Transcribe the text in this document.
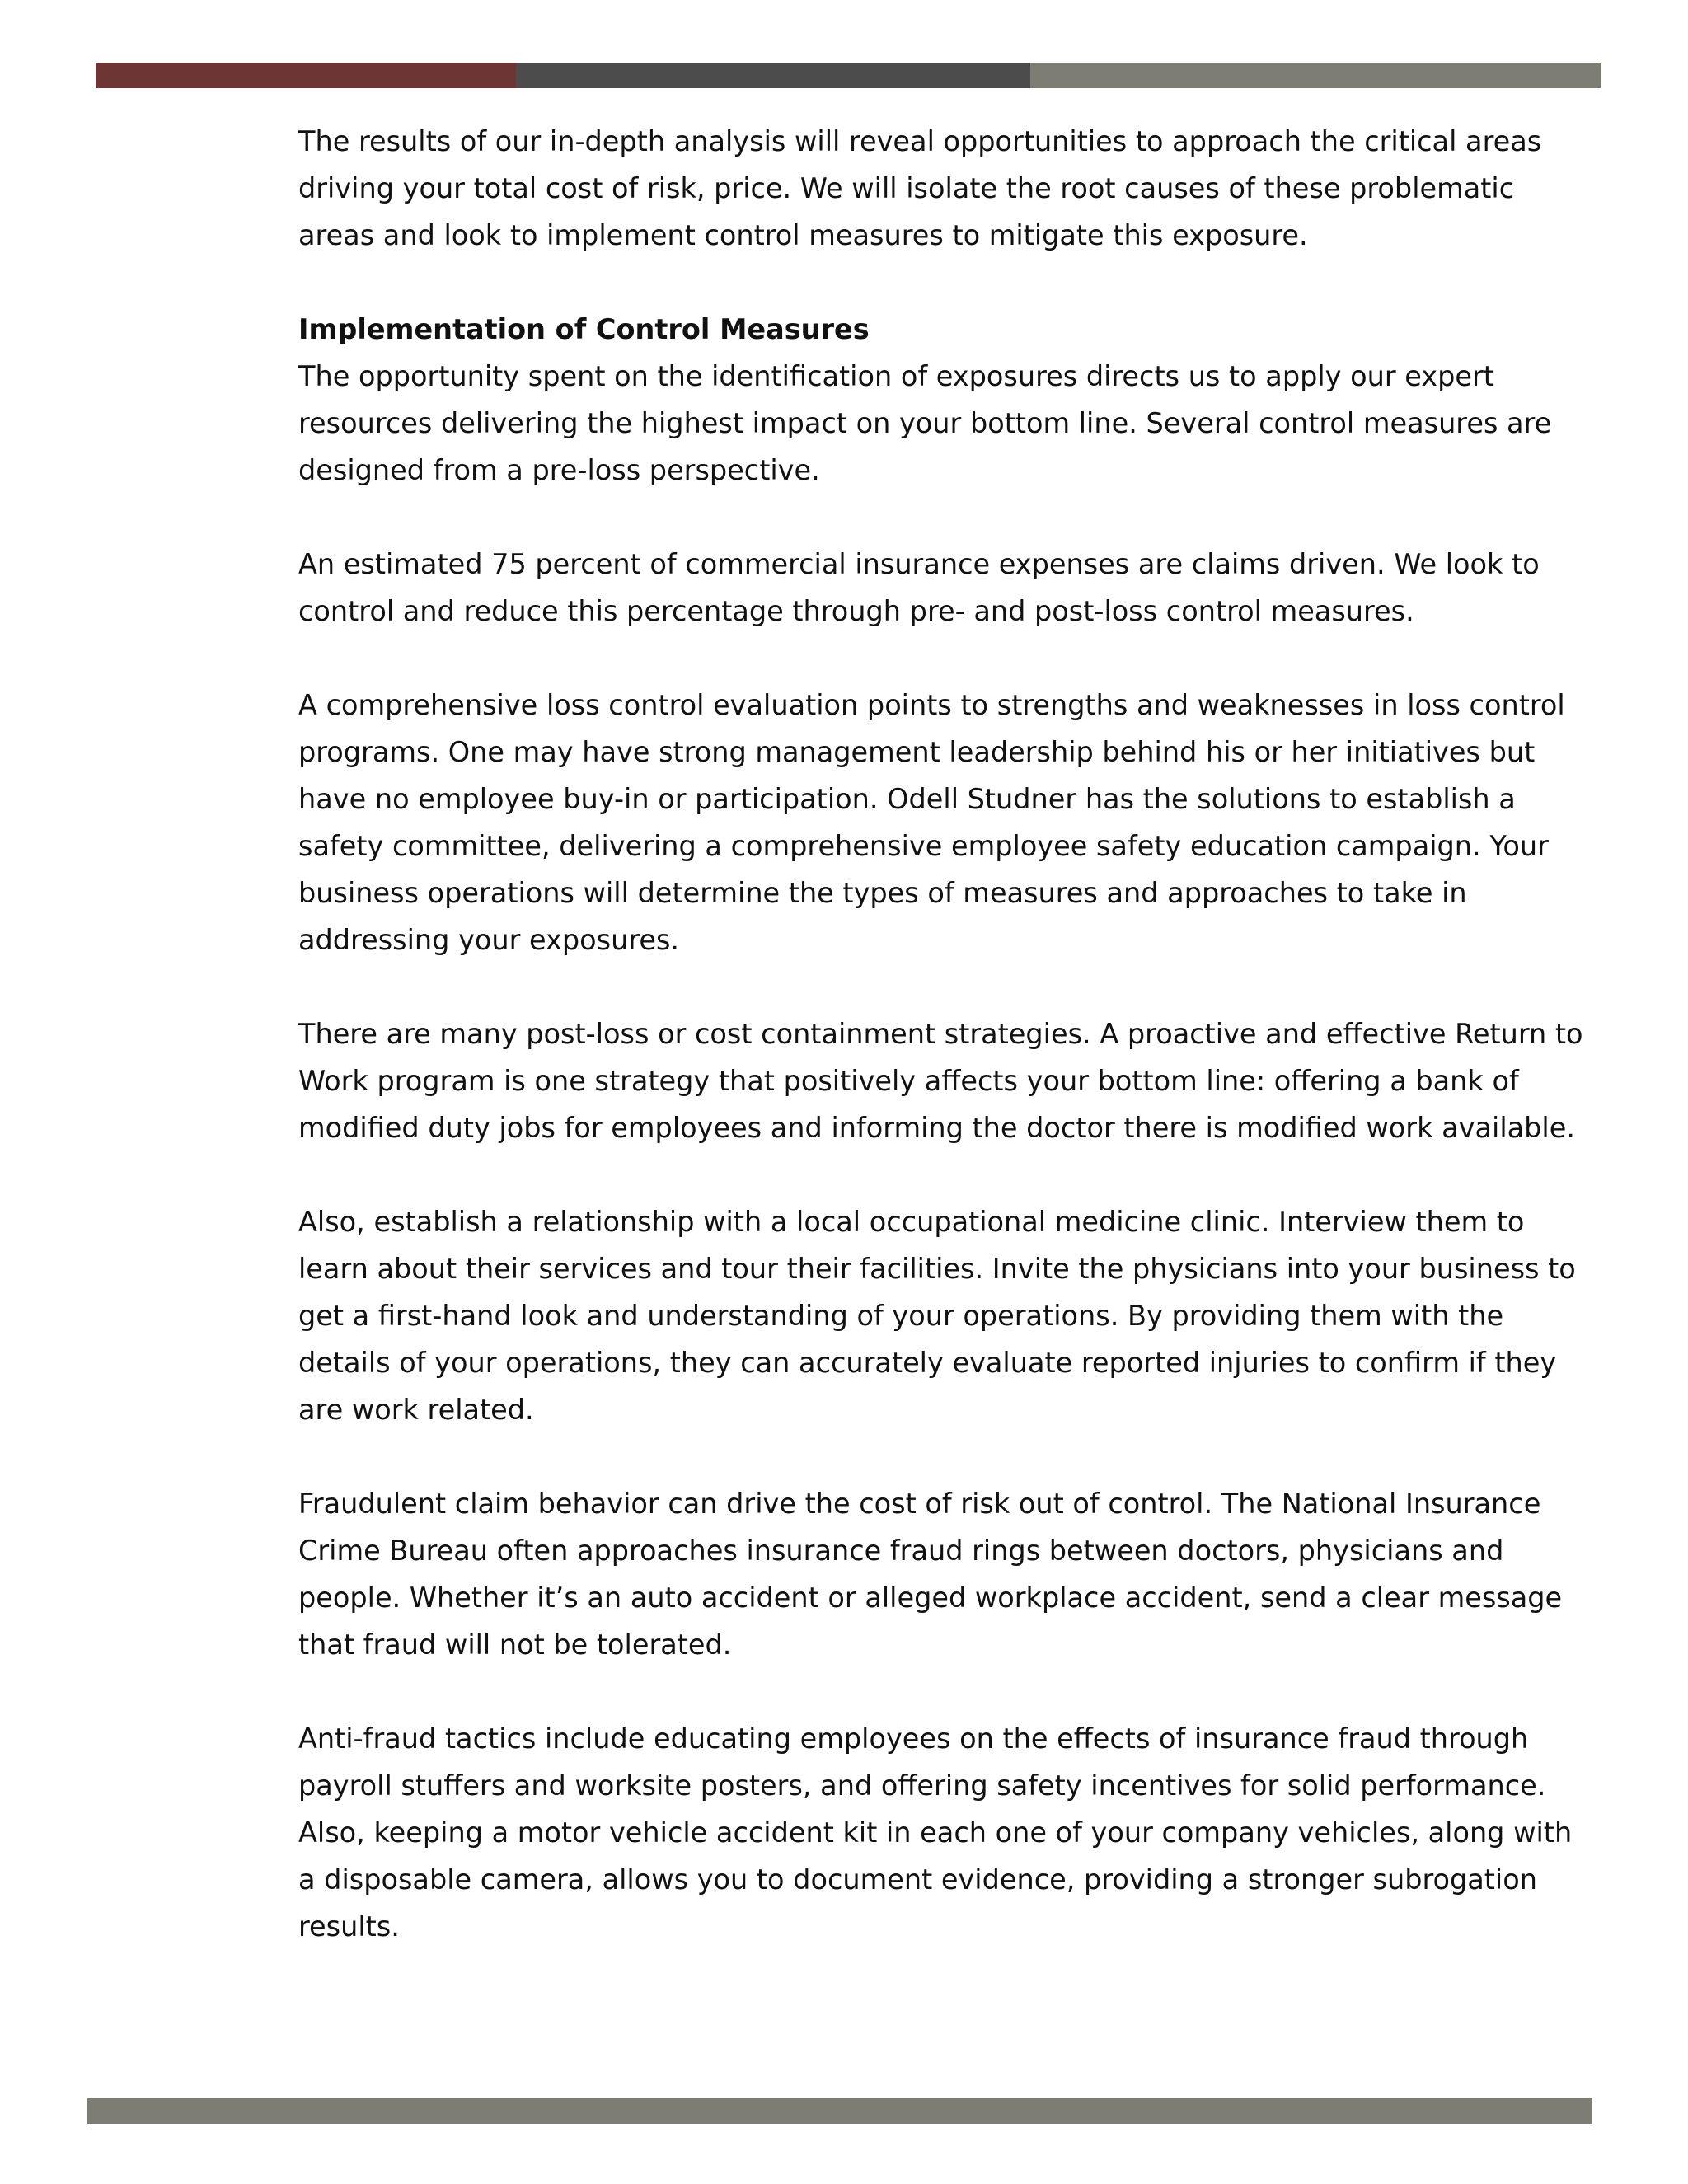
The results of our in-depth analysis will reveal opportunities to approach the critical areas driving your total cost of risk, price. We will isolate the root causes of these problematic areas and look to implement control measures to mitigate this exposure.

Implementation of Control Measures

The opportunity spent on the identification of exposures directs us to apply our expert resources delivering the highest impact on your bottom line. Several control measures are designed from a pre-loss perspective.

An estimated 75 percent of commercial insurance expenses are claims driven. We look to control and reduce this percentage through pre- and post-loss control measures.

A comprehensive loss control evaluation points to strengths and weaknesses in loss control programs. One may have strong management leadership behind his or her initiatives but have no employee buy-in or participation. Odell Studner has the solutions to establish a safety committee, delivering a comprehensive employee safety education campaign. Your business operations will determine the types of measures and approaches to take in addressing your exposures.

There are many post-loss or cost containment strategies. A proactive and effective Return to Work program is one strategy that positively affects your bottom line: offering a bank of modified duty jobs for employees and informing the doctor there is modified work available.

Also, establish a relationship with a local occupational medicine clinic. Interview them to learn about their services and tour their facilities. Invite the physicians into your business to get a first-hand look and understanding of your operations. By providing them with the details of your operations, they can accurately evaluate reported injuries to confirm if they are work related.

Fraudulent claim behavior can drive the cost of risk out of control. The National Insurance Crime Bureau often approaches insurance fraud rings between doctors, physicians and people. Whether it’s an auto accident or alleged workplace accident, send a clear message that fraud will not be tolerated.

Anti-fraud tactics include educating employees on the effects of insurance fraud through payroll stuffers and worksite posters, and offering safety incentives for solid performance. Also, keeping a motor vehicle accident kit in each one of your company vehicles, along with a disposable camera, allows you to document evidence, providing a stronger subrogation results.
